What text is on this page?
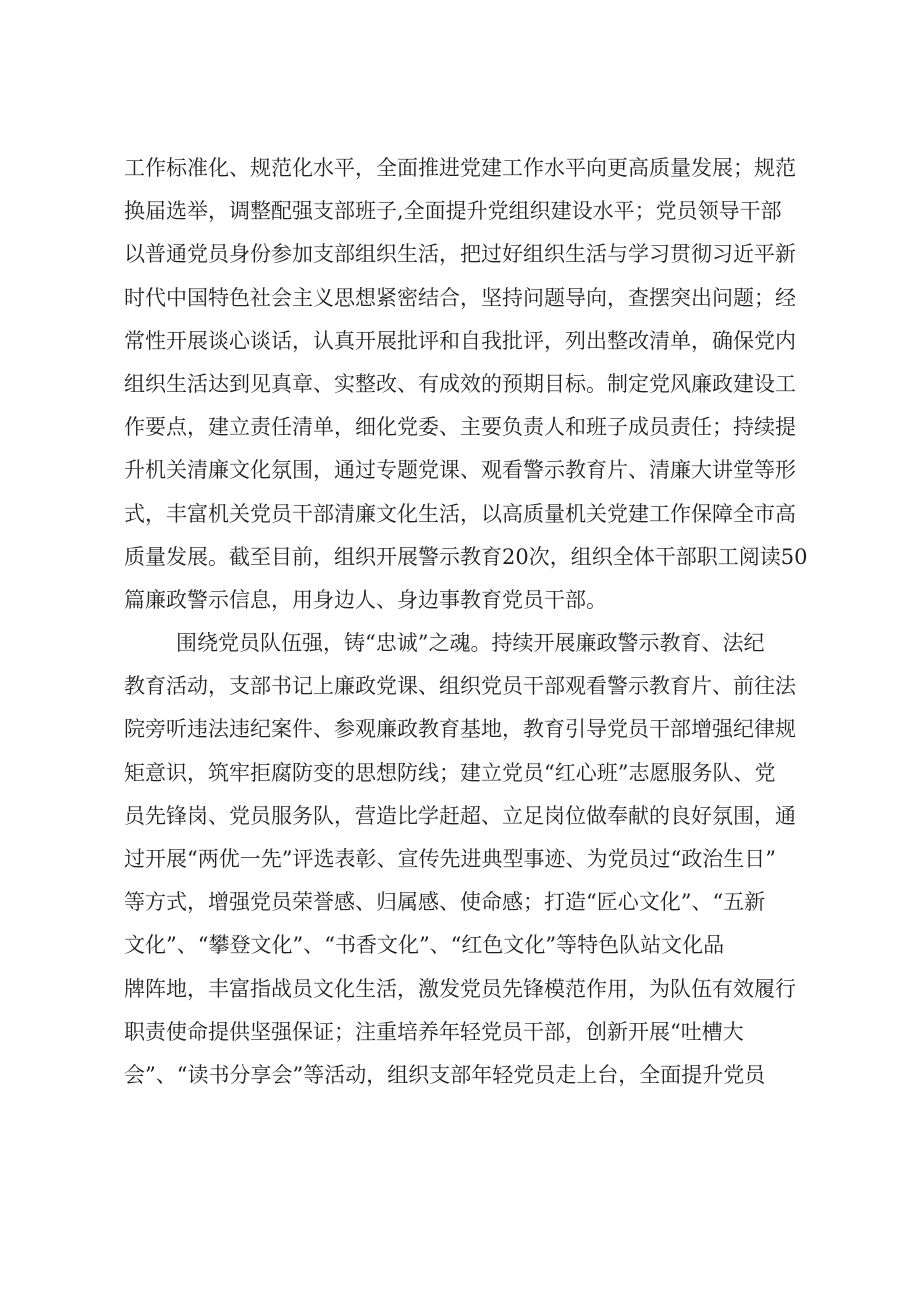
工作标准化、规范化水平，全面推进党建工作水平向更高质量发展；规范
换届选举，调整配强支部班子,全面提升党组织建设水平；党员领导干部
以普通党员身份参加支部组织生活，把过好组织生活与学习贯彻习近平新
时代中国特色社会主义思想紧密结合，坚持问题导向，查摆突出问题；经
常性开展谈心谈话，认真开展批评和自我批评，列出整改清单，确保党内
组织生活达到见真章、实整改、有成效的预期目标。制定党风廉政建设工
作要点，建立责任清单，细化党委、主要负责人和班子成员责任；持续提
升机关清廉文化氛围，通过专题党课、观看警示教育片、清廉大讲堂等形
式，丰富机关党员干部清廉文化生活，以高质量机关党建工作保障全市高
质量发展。截至目前，组织开展警示教育20次，组织全体干部职工阅读50
篇廉政警示信息，用身边人、身边事教育党员干部。
围绕党员队伍强，铸“忠诚”之魂。持续开展廉政警示教育、法纪
教育活动，支部书记上廉政党课、组织党员干部观看警示教育片、前往法
院旁听违法违纪案件、参观廉政教育基地，教育引导党员干部增强纪律规
矩意识，筑牢拒腐防变的思想防线；建立党员“红心班”志愿服务队、党
员先锋岗、党员服务队，营造比学赶超、立足岗位做奉献的良好氛围，通
过开展“两优一先”评选表彰、宣传先进典型事迹、为党员过“政治生日”
等方式，增强党员荣誉感、归属感、使命感；打造“匠心文化”、“五新
文化”、“攀登文化”、“书香文化”、“红色文化”等特色队站文化品
牌阵地，丰富指战员文化生活，激发党员先锋模范作用，为队伍有效履行
职责使命提供坚强保证；注重培养年轻党员干部，创新开展“吐槽大
会”、“读书分享会”等活动，组织支部年轻党员走上台，全面提升党员
